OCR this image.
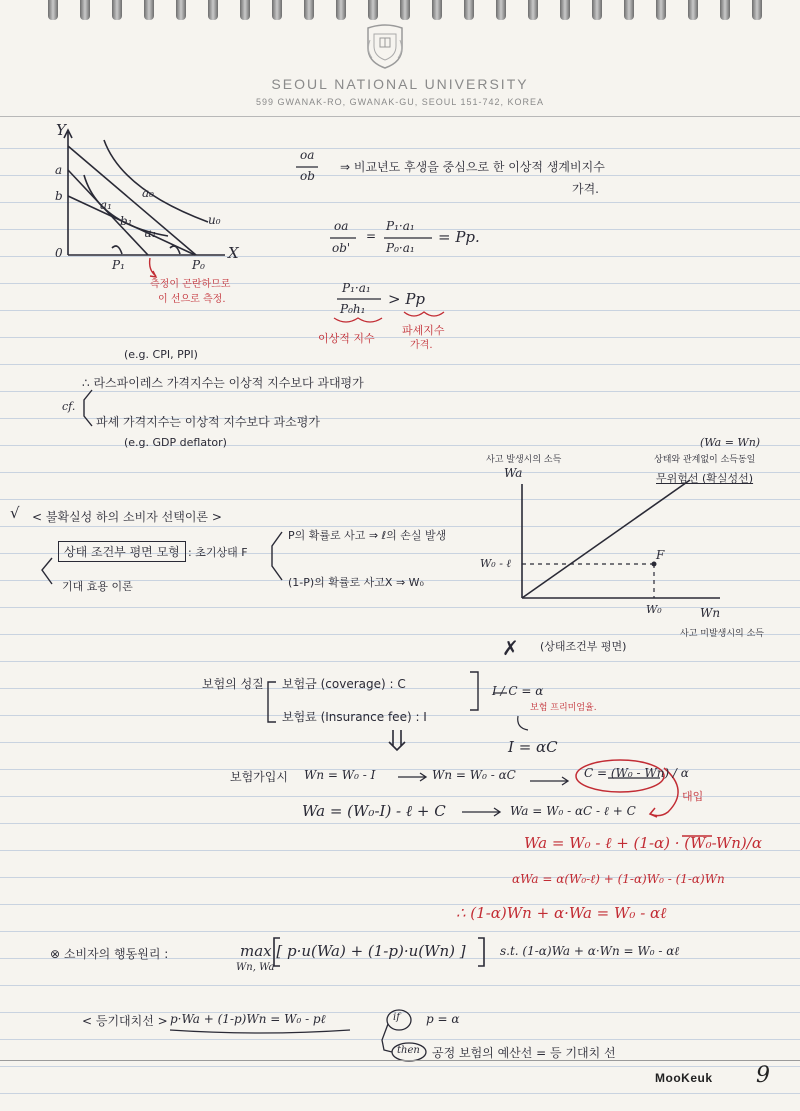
SEOUL NATIONAL UNIVERSITY
599 GWANAK-RO, GWANAK-GU, SEOUL 151-742, KOREA
Y
X
0
a
b	a₀
a₁
b₁	u₀
u₁
P₁	P₀
측정이 곤란하므로
이 선으로 측정.
oa
ob
⇒ 비교년도 후생을 중심으로 한 이상적 생계비지수
가격.
oa
ob'
=
P₁·a₁
P₀·a₁
= Pp.
P₁·a₁
P₀h₁
> Pp
이상적 지수
파셰지수
가격.
(e.g. CPI, PPI)
∴ 라스파이레스 가격지수는 이상적 지수보다 과대평가
cf.
파셰 가격지수는 이상적 지수보다 과소평가
(e.g. GDP deflator)
사고 발생시의 소득
Wa
Wn
사고 미발생시의 소득
(Wa = Wn)
상태와 관계없이 소득동일
무위험선 (확실성선)
W₀ - ℓ
W₀
F
✗ (상태조건부 평면)
√ < 불확실성 하의 소비자 선택이론 >
상태 조건부 평면 모형 : 초기상태 F
기대 효용 이론
P의 확률로 사고 ⇒ ℓ의 손실 발생
(1-P)의 확률로 사고X ⇒ W₀
보험의 성질 보험금 (coverage) : C
보험료 (Insurance fee) : I
I / C = α
보험 프리미엄율.
I = αC
보험가입시 Wn = W₀ - I	Wn = W₀ - αC	C = (W₀ - Wn) / α
대입
Wa = (W₀-I) - ℓ + C	Wa = W₀ - αC - ℓ + C
Wa = W₀ - ℓ + (1-α) · (W₀-Wn)/α
αWa = α(W₀-ℓ) + (1-α)W₀ - (1-α)Wn
∴ (1-α)Wn + α·Wa = W₀ - αℓ
⊗ 소비자의 행동원리 :	max [ p·u(Wa) + (1-p)·u(Wn) ]
Wn, Wa
s.t. (1-α)Wa + α·Wn = W₀ - αℓ
< 등기대치선 > p·Wa + (1-p)Wn = W₀ - pℓ	if p = α
then 공정 보험의 예산선 = 등 기대치 선
MooKeuk 9
